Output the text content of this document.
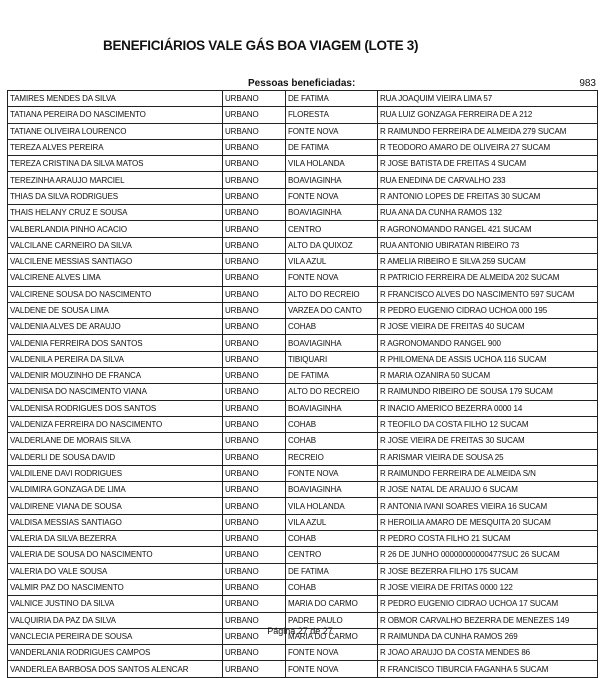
BENEFICIÁRIOS VALE GÁS BOA VIAGEM (LOTE 3)
Pessoas beneficiadas:	983
TAMIRES MENDES DA SILVA	URBANO	DE FATIMA	RUA JOAQUIM VIEIRA LIMA 57
TATIANA PEREIRA DO NASCIMENTO	URBANO	FLORESTA	RUA LUIZ GONZAGA FERREIRA DE A 212
TATIANE OLIVEIRA LOURENCO	URBANO	FONTE NOVA	R RAIMUNDO FERREIRA DE ALMEIDA 279 SUCAM
TEREZA ALVES PEREIRA	URBANO	DE FATIMA	R TEODORO AMARO DE OLIVEIRA 27 SUCAM
TEREZA CRISTINA DA SILVA MATOS	URBANO	VILA HOLANDA	R JOSE BATISTA DE FREITAS 4 SUCAM
TEREZINHA ARAUJO MARCIEL	URBANO	BOAVIAGINHA	RUA ENEDINA DE CARVALHO 233
THIAS DA SILVA RODRIGUES	URBANO	FONTE NOVA	R ANTONIO LOPES DE FREITAS 30 SUCAM
THAIS HELANY CRUZ E SOUSA	URBANO	BOAVIAGINHA	RUA ANA DA CUNHA RAMOS 132
VALBERLANDIA PINHO ACACIO	URBANO	CENTRO	R AGRONOMANDO RANGEL 421 SUCAM
VALCILANE CARNEIRO DA SILVA	URBANO	ALTO DA QUIXOZ	RUA ANTONIO UBIRATAN RIBEIRO 73
VALCILENE MESSIAS SANTIAGO	URBANO	VILA AZUL	R AMELIA RIBEIRO E SILVA 259 SUCAM
VALCIRENE ALVES LIMA	URBANO	FONTE NOVA	R PATRICIO FERREIRA DE ALMEIDA 202 SUCAM
VALCIRENE SOUSA DO NASCIMENTO	URBANO	ALTO DO RECREIO	R FRANCISCO ALVES DO NASCIMENTO 597 SUCAM
VALDENE DE SOUSA LIMA	URBANO	VARZEA DO CANTO	R PEDRO EUGENIO CIDRAO UCHOA 000 195
VALDENIA ALVES DE ARAUJO	URBANO	COHAB	R JOSE VIEIRA DE FREITAS 40 SUCAM
VALDENIA FERREIRA DOS SANTOS	URBANO	BOAVIAGINHA	R AGRONOMANDO RANGEL 900
VALDENILA PEREIRA DA SILVA	URBANO	TIBIQUARI	R PHILOMENA DE ASSIS UCHOA 116 SUCAM
VALDENIR MOUZINHO DE FRANCA	URBANO	DE FATIMA	R MARIA OZANIRA 50 SUCAM
VALDENISA DO NASCIMENTO VIANA	URBANO	ALTO DO RECREIO	R RAIMUNDO RIBEIRO DE SOUSA 179 SUCAM
VALDENISA RODRIGUES DOS SANTOS	URBANO	BOAVIAGINHA	R INACIO AMERICO BEZERRA 0000 14
VALDENIZA FERREIRA DO NASCIMENTO	URBANO	COHAB	R TEOFILO DA COSTA FILHO 12 SUCAM
VALDERLANE DE MORAIS SILVA	URBANO	COHAB	R JOSE VIEIRA DE FREITAS 30 SUCAM
VALDERLI DE SOUSA DAVID	URBANO	RECREIO	R ARISMAR VIEIRA DE SOUSA 25
VALDILENE DAVI RODRIGUES	URBANO	FONTE NOVA	R RAIMUNDO FERREIRA DE ALMEIDA S/N
VALDIMIRA GONZAGA DE LIMA	URBANO	BOAVIAGINHA	R JOSE NATAL DE ARAUJO 6 SUCAM
VALDIRENE VIANA DE SOUSA	URBANO	VILA HOLANDA	R ANTONIA IVANI SOARES VIEIRA 16 SUCAM
VALDISA MESSIAS SANTIAGO	URBANO	VILA AZUL	R HEROILIA AMARO DE MESQUITA 20 SUCAM
VALERIA DA SILVA BEZERRA	URBANO	COHAB	R PEDRO COSTA FILHO 21 SUCAM
VALERIA DE SOUSA DO NASCIMENTO	URBANO	CENTRO	R 26 DE JUNHO 00000000000477SUC 26 SUCAM
VALERIA DO VALE SOUSA	URBANO	DE FATIMA	R JOSE BEZERRA FILHO 175 SUCAM
VALMIR PAZ DO NASCIMENTO	URBANO	COHAB	R JOSE VIEIRA DE FRITAS 0000 122
VALNICE JUSTINO DA SILVA	URBANO	MARIA DO CARMO	R PEDRO EUGENIO CIDRAO UCHOA 17 SUCAM
VALQUIRIA DA PAZ DA SILVA	URBANO	PADRE PAULO	R OBMOR CARVALHO BEZERRA DE MENEZES 149
VANCLECIA PEREIRA DE SOUSA	URBANO	MARIA DO CARMO	R RAIMUNDA DA CUNHA RAMOS 269
VANDERLANIA RODRIGUES CAMPOS	URBANO	FONTE NOVA	R JOAO ARAUJO DA COSTA MENDES 86
VANDERLEA BARBOSA DOS SANTOS ALENCAR	URBANO	FONTE NOVA	R FRANCISCO TIBURCIA FAGANHA 5 SUCAM
Página 27 de 27
